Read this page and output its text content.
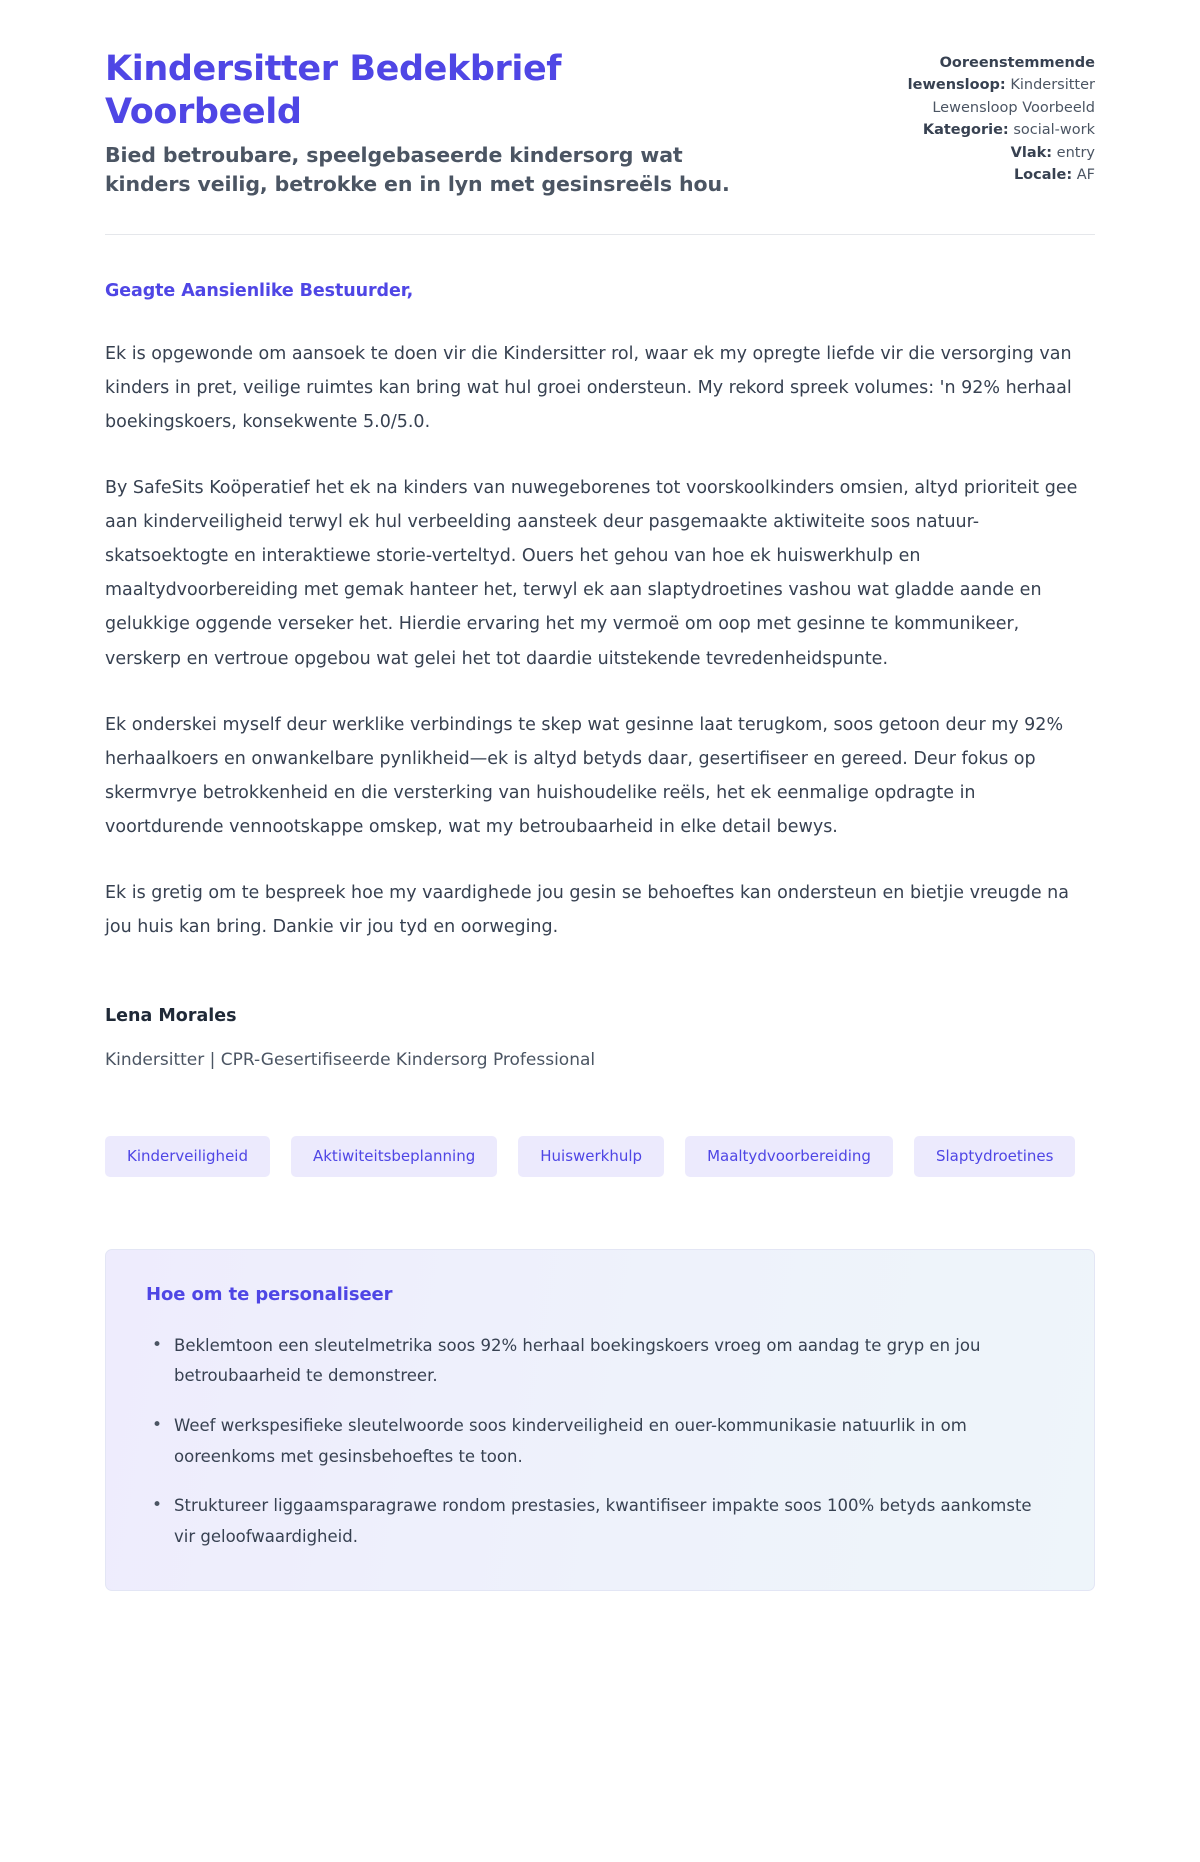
Kindersitter Bedekbrief Voorbeeld

Bied betroubare, speelgebaseerde kindersorg wat kinders veilig, betrokke en in lyn met gesinsreëls hou.

Ooreenstemmende lewensloop: Kindersitter Lewensloop Voorbeeld
Kategorie: social-work
Vlak: entry
Locale: AF

Geagte Aansienlike Bestuurder,

Ek is opgewonde om aansoek te doen vir die Kindersitter rol, waar ek my opregte liefde vir die versorging van kinders in pret, veilige ruimtes kan bring wat hul groei ondersteun. My rekord spreek volumes: 'n 92% herhaal boekingskoers, konsekwente 5.0/5.0.

By SafeSits Koöperatief het ek na kinders van nuwegeborenes tot voorskoolkinders omsien, altyd prioriteit gee aan kinderveiligheid terwyl ek hul verbeelding aansteek deur pasgemaakte aktiwiteite soos natuur-skatsoektogte en interaktiewe storie-verteltyd. Ouers het gehou van hoe ek huiswerkhulp en maaltydvoorbereiding met gemak hanteer het, terwyl ek aan slaptydroetines vashou wat gladde aande en gelukkige oggende verseker het. Hierdie ervaring het my vermoë om oop met gesinne te kommunikeer, verskerp en vertroue opgebou wat gelei het tot daardie uitstekende tevredenheidspunte.

Ek onderskei myself deur werklike verbindings te skep wat gesinne laat terugkom, soos getoon deur my 92% herhaalkoers en onwankelbare pynlikheid—ek is altyd betyds daar, gesertifiseer en gereed. Deur fokus op skermvrye betrokkenheid en die versterking van huishoudelike reëls, het ek eenmalige opdragte in voortdurende vennootskappe omskep, wat my betroubaarheid in elke detail bewys.

Ek is gretig om te bespreek hoe my vaardighede jou gesin se behoeftes kan ondersteun en bietjie vreugde na jou huis kan bring. Dankie vir jou tyd en oorweging.

Lena Morales
Kindersitter | CPR-Gesertifiseerde Kindersorg Professional
Kinderveiligheid	Aktiwiteitsbeplanning	Huiswerkhulp	Maaltydvoorbereiding	Slaptydroetines
Hoe om te personaliseer
• Beklemtoon een sleutelmetrika soos 92% herhaal boekingskoers vroeg om aandag te gryp en jou betroubaarheid te demonstreer.
• Weef werkspesifieke sleutelwoorde soos kinderveiligheid en ouer-kommunikasie natuurlik in om ooreenkoms met gesinsbehoeftes te toon.
• Struktureer liggaamsparagrawe rondom prestasies, kwantifiseer impakte soos 100% betyds aankomste vir geloofwaardigheid.
